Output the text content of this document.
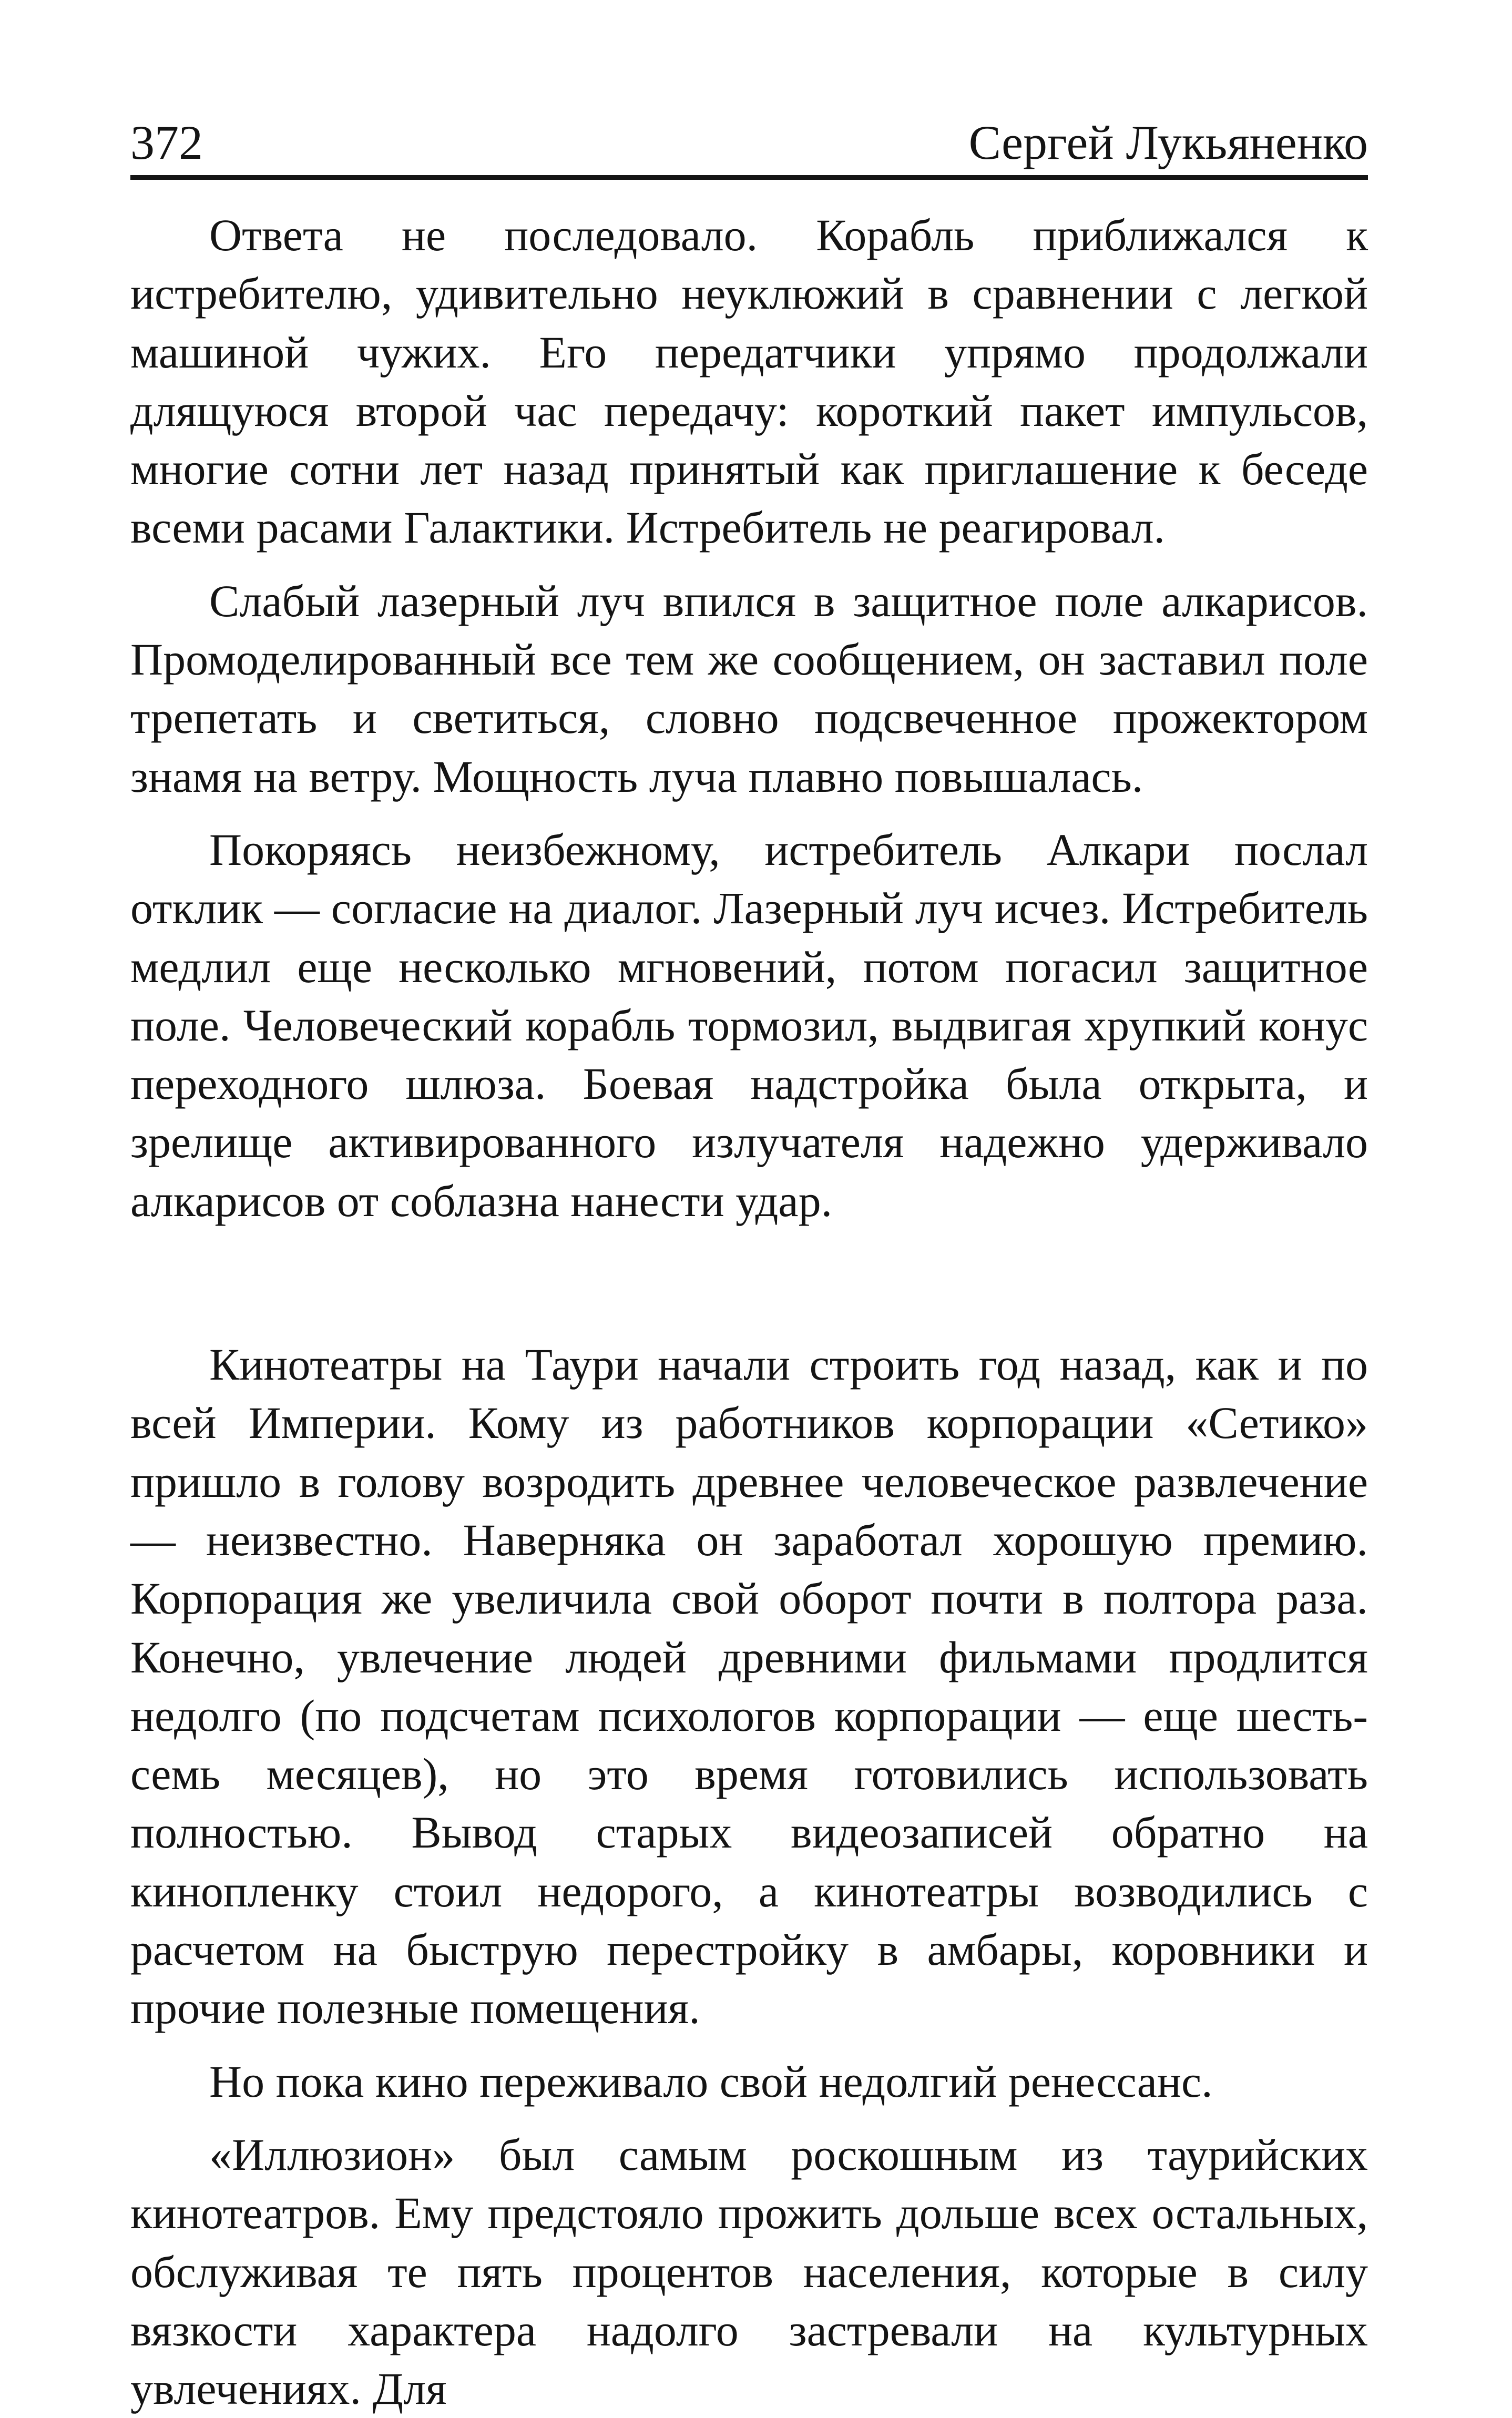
372	Сергей Лукьяненко

Ответа не последовало. Корабль приближался к истребителю, удивительно неуклюжий в сравнении с легкой машиной чужих. Его передатчики упрямо продолжали длящуюся второй час передачу: короткий пакет импульсов, многие сотни лет назад принятый как приглашение к беседе всеми расами Галактики. Истребитель не реагировал.

Слабый лазерный луч впился в защитное поле алкарисов. Промоделированный все тем же сообщением, он заставил поле трепетать и светиться, словно подсвеченное прожектором знамя на ветру. Мощность луча плавно повышалась.

Покоряясь неизбежному, истребитель Алкари послал отклик — согласие на диалог. Лазерный луч исчез. Истребитель медлил еще несколько мгновений, потом погасил защитное поле. Человеческий корабль тормозил, выдвигая хрупкий конус переходного шлюза. Боевая надстройка была открыта, и зрелище активированного излучателя надежно удерживало алкарисов от соблазна нанести удар.

Кинотеатры на Таури начали строить год назад, как и по всей Империи. Кому из работников корпорации «Сетико» пришло в голову возродить древнее человеческое развлечение — неизвестно. Наверняка он заработал хорошую премию. Корпорация же увеличила свой оборот почти в полтора раза. Конечно, увлечение людей древними фильмами продлится недолго (по подсчетам психологов корпорации — еще шесть-семь месяцев), но это время готовились использовать полностью. Вывод старых видеозаписей обратно на кинопленку стоил недорого, а кинотеатры возводились с расчетом на быструю перестройку в амбары, коровники и прочие полезные помещения.

Но пока кино переживало свой недолгий ренессанс.

«Иллюзион» был самым роскошным из таурийских кинотеатров. Ему предстояло прожить дольше всех остальных, обслуживая те пять процентов населения, которые в силу вязкости характера надолго застревали на культурных увлечениях. Для
